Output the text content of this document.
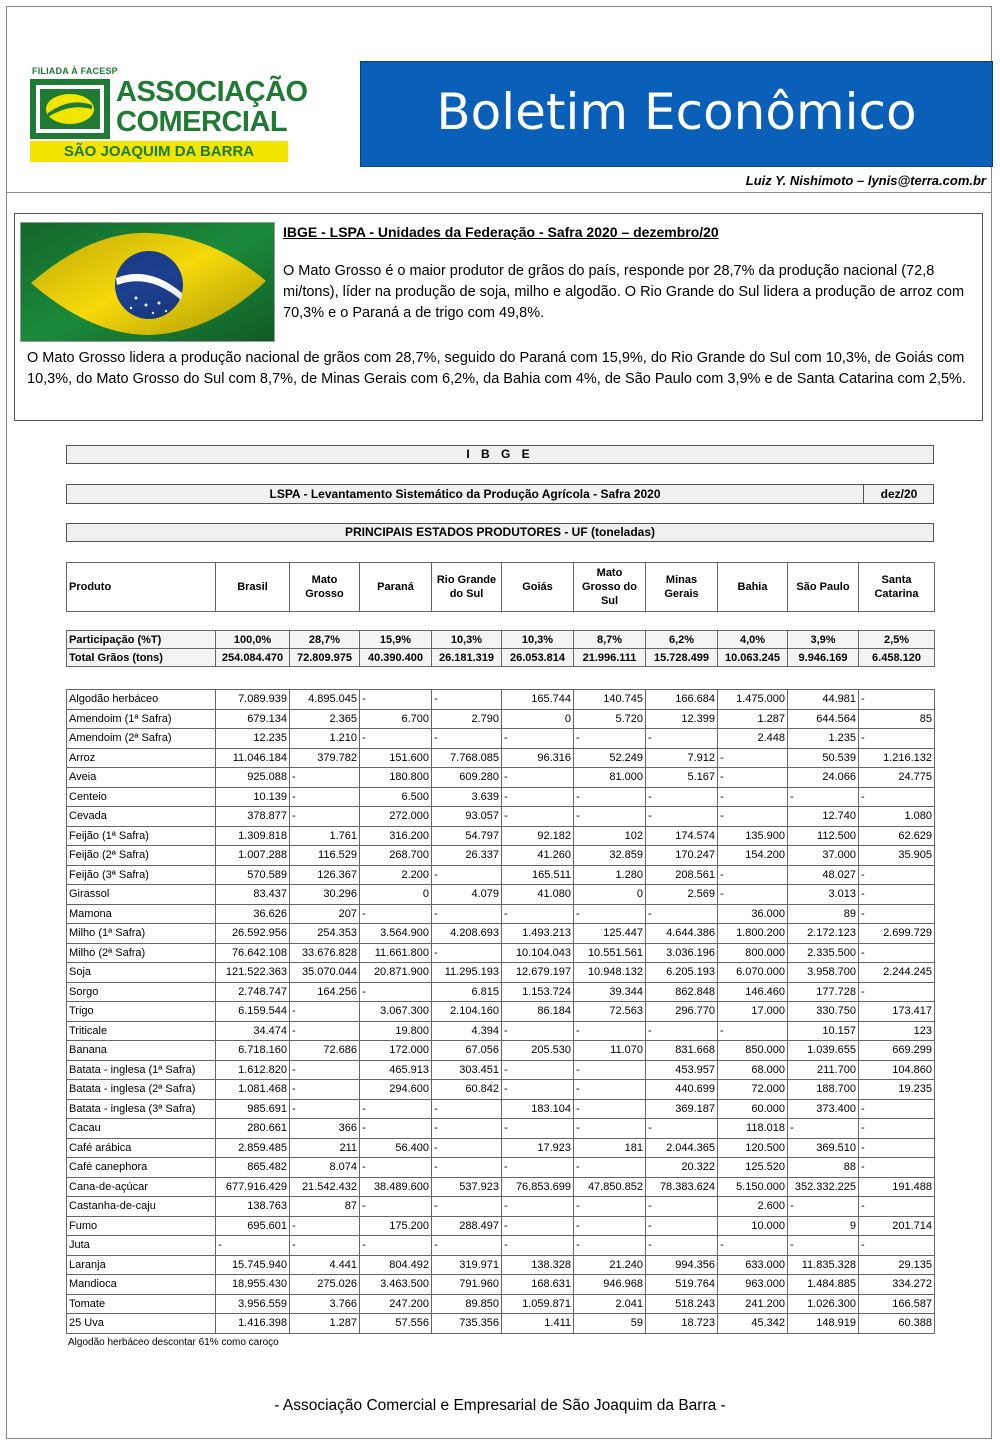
FILIADA À FACESP
ASSOCIAÇÃO
COMERCIAL
SÃO JOAQUIM DA BARRA
Boletim Econômico
Luiz Y. Nishimoto – lynis@terra.com.br
IBGE - LSPA - Unidades da Federação - Safra 2020 – dezembro/20
O Mato Grosso é o maior produtor de grãos do país, responde por 28,7% da produção nacional (72,8 mi/tons), líder na produção de soja, milho e algodão. O Rio Grande do Sul lidera a produção de arroz com 70,3% e o Paraná a de trigo com 49,8%.
O Mato Grosso lidera a produção nacional de grãos com 28,7%, seguido do Paraná com 15,9%, do Rio Grande do Sul com 10,3%, de Goiás com 10,3%, do Mato Grosso do Sul com 8,7%, de Minas Gerais com 6,2%, da Bahia com 4%, de São Paulo com 3,9% e de Santa Catarina com 2,5%.
I B G E
LSPA - Levantamento Sistemático da Produção Agrícola - Safra 2020	dez/20
PRINCIPAIS ESTADOS PRODUTORES - UF (toneladas)
Produto	Brasil	Mato Grosso	Paraná	Rio Grande do Sul	Goiás	Mato Grosso do Sul	Minas Gerais	Bahia	São Paulo	Santa Catarina
Participação (%T)	100,0%	28,7%	15,9%	10,3%	10,3%	8,7%	6,2%	4,0%	3,9%	2,5%
Total Grãos (tons)	254.084.470	72.809.975	40.390.400	26.181.319	26.053.814	21.996.111	15.728.499	10.063.245	9.946.169	6.458.120
Algodão herbáceo	7.089.939	4.895.045	-	-	165.744	140.745	166.684	1.475.000	44.981	-
Amendoim (1ª Safra)	679.134	2.365	6.700	2.790	0	5.720	12.399	1.287	644.564	85
Amendoim (2ª Safra)	12.235	1.210	-	-	-	-	-	2.448	1.235	-
Arroz	11.046.184	379.782	151.600	7.768.085	96.316	52.249	7.912	-	50.539	1.216.132
Aveia	925.088	-	180.800	609.280	-	81.000	5.167	-	24.066	24.775
Centeio	10.139	-	6.500	3.639	-	-	-	-	-	-
Cevada	378.877	-	272.000	93.057	-	-	-	-	12.740	1.080
Feijão (1ª Safra)	1.309.818	1.761	316.200	54.797	92.182	102	174.574	135.900	112.500	62.629
Feijão (2ª Safra)	1.007.288	116.529	268.700	26.337	41.260	32.859	170.247	154.200	37.000	35.905
Feijão (3ª Safra)	570.589	126.367	2.200	-	165.511	1.280	208.561	-	48.027	-
Girassol	83.437	30.296	0	4.079	41.080	0	2.569	-	3.013	-
Mamona	36.626	207	-	-	-	-	-	36.000	89	-
Milho (1ª Safra)	26.592.956	254.353	3.564.900	4.208.693	1.493.213	125.447	4.644.386	1.800.200	2.172.123	2.699.729
Milho (2ª Safra)	76.642.108	33.676.828	11.661.800	-	10.104.043	10.551.561	3.036.196	800.000	2.335.500	-
Soja	121.522.363	35.070.044	20.871.900	11.295.193	12.679.197	10.948.132	6.205.193	6.070.000	3.958.700	2.244.245
Sorgo	2.748.747	164.256	-	6.815	1.153.724	39.344	862.848	146.460	177.728	-
Trigo	6.159.544	-	3.067.300	2.104.160	86.184	72.563	296.770	17.000	330.750	173.417
Triticale	34.474	-	19.800	4.394	-	-	-	-	10.157	123
Banana	6.718.160	72.686	172.000	67.056	205.530	11.070	831.668	850.000	1.039.655	669.299
Batata - inglesa (1ª Safra)	1.612.820	-	465.913	303.451	-	-	453.957	68.000	211.700	104.860
Batata - inglesa (2ª Safra)	1.081.468	-	294.600	60.842	-	-	440.699	72.000	188.700	19.235
Batata - inglesa (3ª Safra)	985.691	-	-	-	183.104	-	369.187	60.000	373.400	-
Cacau	280.661	366	-	-	-	-	-	118.018	-	-
Café arábica	2.859.485	211	56.400	-	17.923	181	2.044.365	120.500	369.510	-
Café canephora	865.482	8.074	-	-	-	-	20.322	125.520	88	-
Cana-de-açúcar	677.916.429	21.542.432	38.489.600	537.923	76.853.699	47.850.852	78.383.624	5.150.000	352.332.225	191.488
Castanha-de-caju	138.763	87	-	-	-	-	-	2.600	-	-
Fumo	695.601	-	175.200	288.497	-	-	-	10.000	9	201.714
Juta	-	-	-	-	-	-	-	-	-	-
Laranja	15.745.940	4.441	804.492	319.971	138.328	21.240	994.356	633.000	11.835.328	29.135
Mandioca	18.955.430	275.026	3.463.500	791.960	168.631	946.968	519.764	963.000	1.484.885	334.272
Tomate	3.956.559	3.766	247.200	89.850	1.059.871	2.041	518.243	241.200	1.026.300	166.587
25 Uva	1.416.398	1.287	57.556	735.356	1.411	59	18.723	45.342	148.919	60.388
Algodão herbáceo descontar 61% como caroço
- Associação Comercial e Empresarial de São Joaquim da Barra -
